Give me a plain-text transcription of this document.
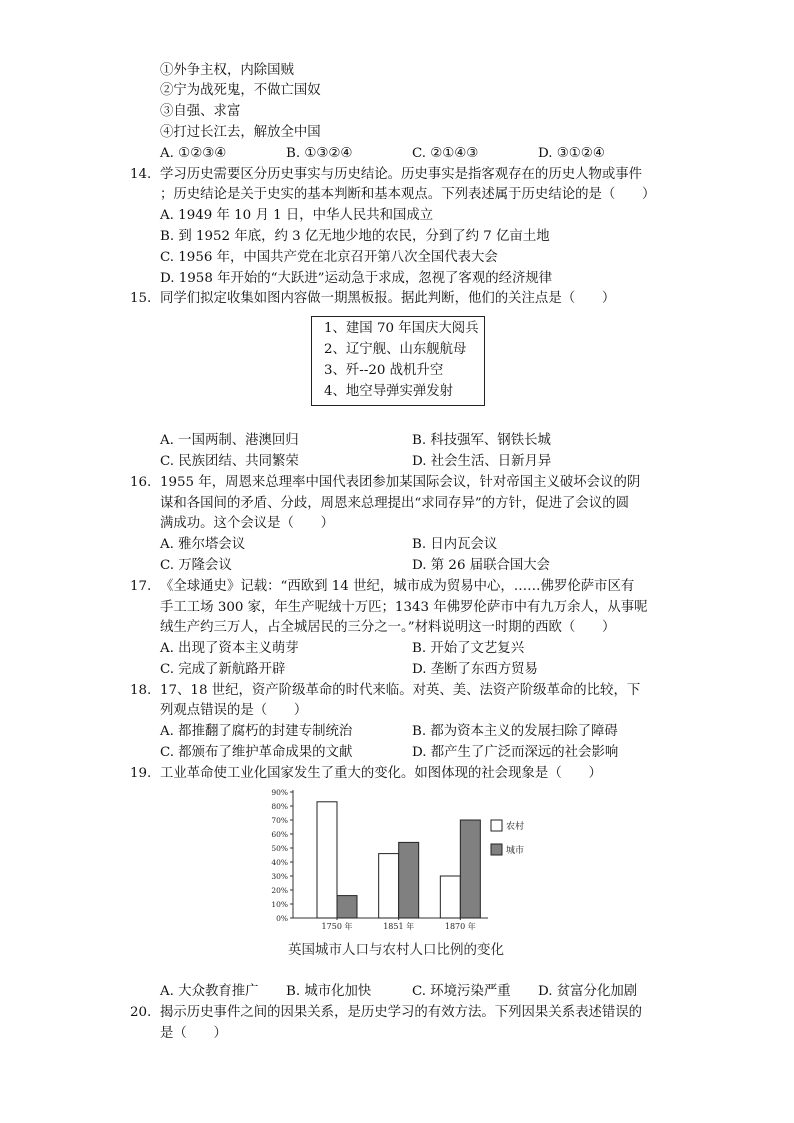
①外争主权，内除国贼
②宁为战死鬼，不做亡国奴
③自强、求富
④打过长江去，解放全中国
A. ①②③④	B. ①③②④	C. ②①④③	D. ③①②④
14. 学习历史需要区分历史事实与历史结论。历史事实是指客观存在的历史人物或事件
；历史结论是关于史实的基本判断和基本观点。下列表述属于历史结论的是（　　）
A. 1949 年 10 月 1 日，中华人民共和国成立
B. 到 1952 年底，约 3 亿无地少地的农民，分到了约 7 亿亩土地
C. 1956 年，中国共产党在北京召开第八次全国代表大会
D. 1958 年开始的“大跃进”运动急于求成，忽视了客观的经济规律
15. 同学们拟定收集如图内容做一期黑板报。据此判断，他们的关注点是（　　）
1、建国 70 年国庆大阅兵
2、辽宁舰、山东舰航母
3、歼--20 战机升空
4、地空导弹实弹发射
A. 一国两制、港澳回归	B. 科技强军、钢铁长城
C. 民族团结、共同繁荣	D. 社会生活、日新月异
16. 1955 年，周恩来总理率中国代表团参加某国际会议，针对帝国主义破坏会议的阴
谋和各国间的矛盾、分歧，周恩来总理提出“求同存异”的方针，促进了会议的圆
满成功。这个会议是（　　）
A. 雅尔塔会议	B. 日内瓦会议
C. 万隆会议	D. 第 26 届联合国大会
17. 《全球通史》记载：“西欧到 14 世纪，城市成为贸易中心，……佛罗伦萨市区有
手工工场 300 家，年生产呢绒十万匹；1343 年佛罗伦萨市中有九万余人，从事呢
绒生产约三万人，占全城居民的三分之一。”材料说明这一时期的西欧（　　）
A. 出现了资本主义萌芽	B. 开始了文艺复兴
C. 完成了新航路开辟	D. 垄断了东西方贸易
18. 17、18 世纪，资产阶级革命的时代来临。对英、美、法资产阶级革命的比较，下
列观点错误的是（　　）
A. 都推翻了腐朽的封建专制统治	B. 都为资本主义的发展扫除了障碍
C. 都颁布了维护革命成果的文献	D. 都产生了广泛而深远的社会影响
19. 工业革命使工业化国家发生了重大的变化。如图体现的社会现象是（　　）
0%
10%
20%
30%
40%
50%
60%
70%
80%
90%
1750 年	1851 年	1870 年
农村
城市
英国城市人口与农村人口比例的变化
A. 大众教育推广 B. 城市化加快	C. 环境污染严重 D. 贫富分化加剧
20. 揭示历史事件之间的因果关系，是历史学习的有效方法。下列因果关系表述错误的
是（　　）
